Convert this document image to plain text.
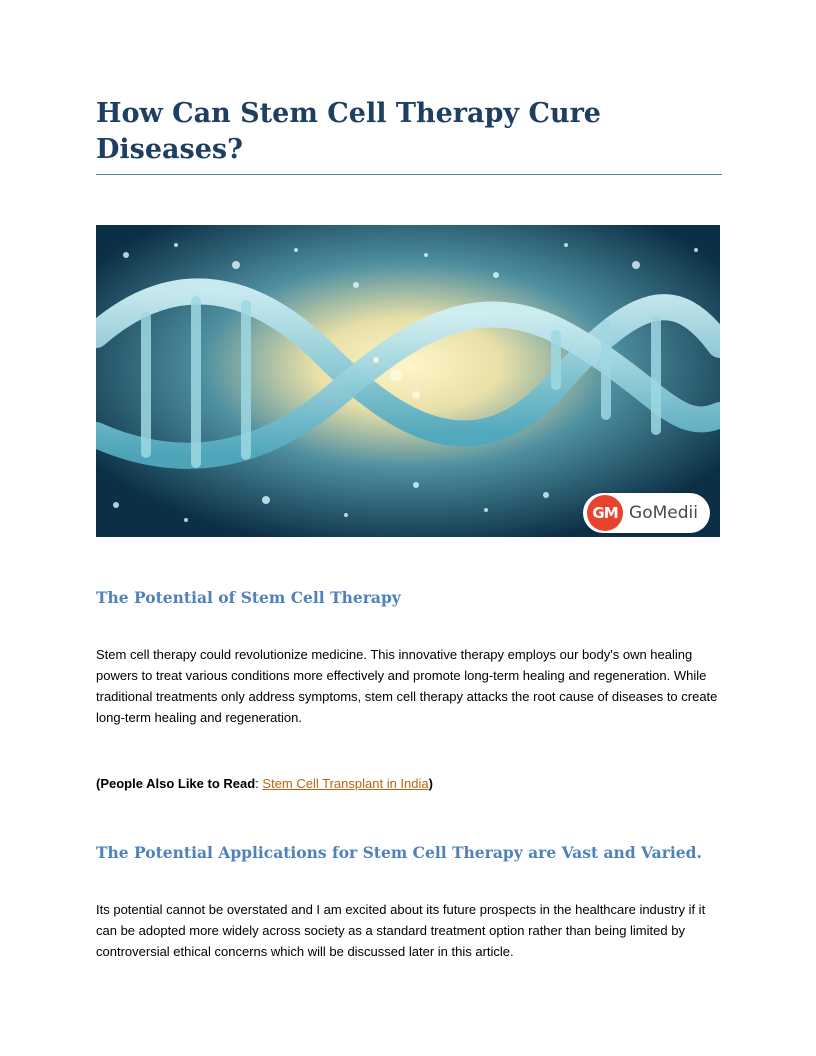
How Can Stem Cell Therapy Cure Diseases?
GM GoMedii
The Potential of Stem Cell Therapy

Stem cell therapy could revolutionize medicine. This innovative therapy employs our body's own healing powers to treat various conditions more effectively and promote long-term healing and regeneration. While traditional treatments only address symptoms, stem cell therapy attacks the root cause of diseases to create long-term healing and regeneration.

(People Also Like to Read: Stem Cell Transplant in India)

The Potential Applications for Stem Cell Therapy are Vast and Varied.

Its potential cannot be overstated and I am excited about its future prospects in the healthcare industry if it can be adopted more widely across society as a standard treatment option rather than being limited by controversial ethical concerns which will be discussed later in this article.
